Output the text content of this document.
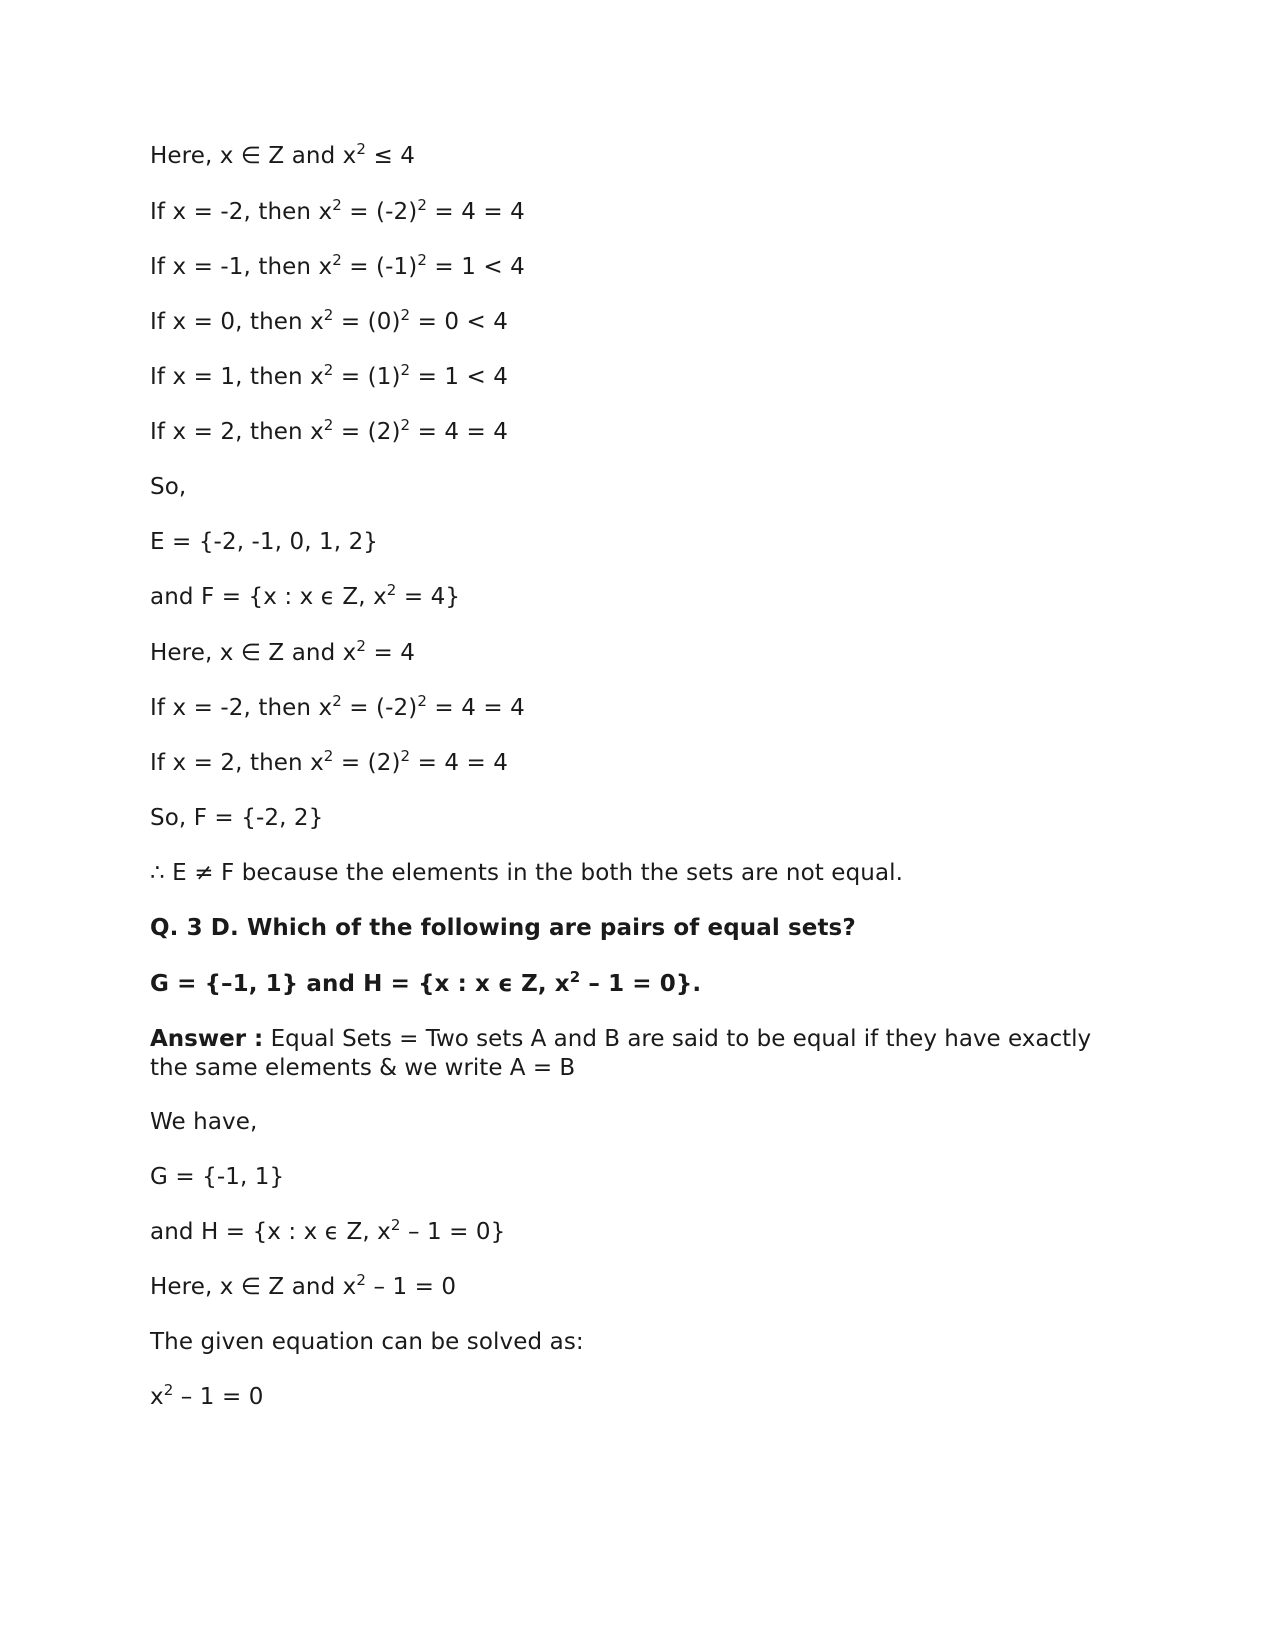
Here, x ∈ Z and $x^2 \le 4$
If x = -2, then $x^2 = (-2)^2 = 4 = 4$
If x = -1, then $x^2 = (-1)^2 = 1 < 4$
If x = 0, then $x^2 = (0)^2 = 0 < 4$
If x = 1, then $x^2 = (1)^2 = 1 < 4$
If x = 2, then $x^2 = (2)^2 = 4 = 4$
So,
E = {-2, -1, 0, 1, 2}
and F = {x : x ϵ Z, $x^2 = 4$}
Here, x ∈ Z and $x^2 = 4$
If x = -2, then $x^2 = (-2)^2 = 4 = 4$
If x = 2, then $x^2 = (2)^2 = 4 = 4$
So, F = {-2, 2}
∴ E ≠ F because the elements in the both the sets are not equal.
Q. 3 D. Which of the following are pairs of equal sets?
G = {–1, 1} and H = {x : x ϵ Z, $x^2 - 1 = 0$}.
Answer : Equal Sets = Two sets A and B are said to be equal if they have exactly the same elements & we write A = B
We have,
G = {-1, 1}
and H = {x : x ϵ Z, $x^2 - 1 = 0$}
Here, x ∈ Z and $x^2 - 1 = 0$
The given equation can be solved as:
$x^2 - 1 = 0$
